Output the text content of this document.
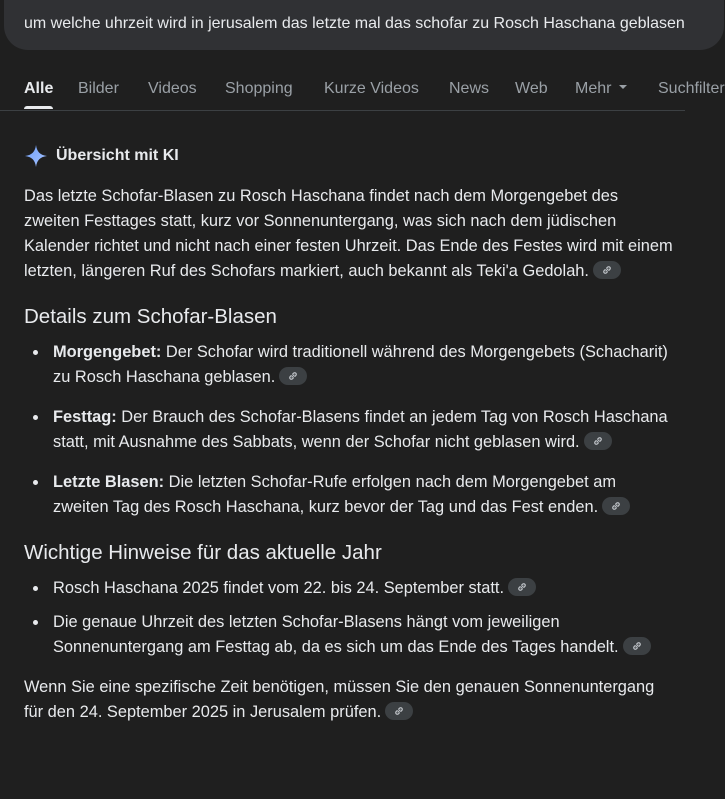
um welche uhrzeit wird in jerusalem das letzte mal das schofar zu Rosch Haschana geblasen
Alle Bilder Videos Shopping Kurze Videos News Web Mehr	Suchfilter
Übersicht mit KI

Das letzte Schofar-Blasen zu Rosch Haschana findet nach dem Morgengebet des zweiten Festtages statt, kurz vor Sonnenuntergang, was sich nach dem jüdischen Kalender richtet und nicht nach einer festen Uhrzeit. Das Ende des Festes wird mit einem letzten, längeren Ruf des Schofars markiert, auch bekannt als Teki'a Gedolah.

Details zum Schofar-Blasen
Morgengebet: Der Schofar wird traditionell während des Morgengebets (Schacharit) zu Rosch Haschana geblasen.
Festtag: Der Brauch des Schofar-Blasens findet an jedem Tag von Rosch Haschana statt, mit Ausnahme des Sabbats, wenn der Schofar nicht geblasen wird.
Letzte Blasen: Die letzten Schofar-Rufe erfolgen nach dem Morgengebet am zweiten Tag des Rosch Haschana, kurz bevor der Tag und das Fest enden.
Wichtige Hinweise für das aktuelle Jahr
Rosch Haschana 2025 findet vom 22. bis 24. September statt.
Die genaue Uhrzeit des letzten Schofar-Blasens hängt vom jeweiligen Sonnenuntergang am Festtag ab, da es sich um das Ende des Tages handelt.

Wenn Sie eine spezifische Zeit benötigen, müssen Sie den genauen Sonnenuntergang für den 24. September 2025 in Jerusalem prüfen.
